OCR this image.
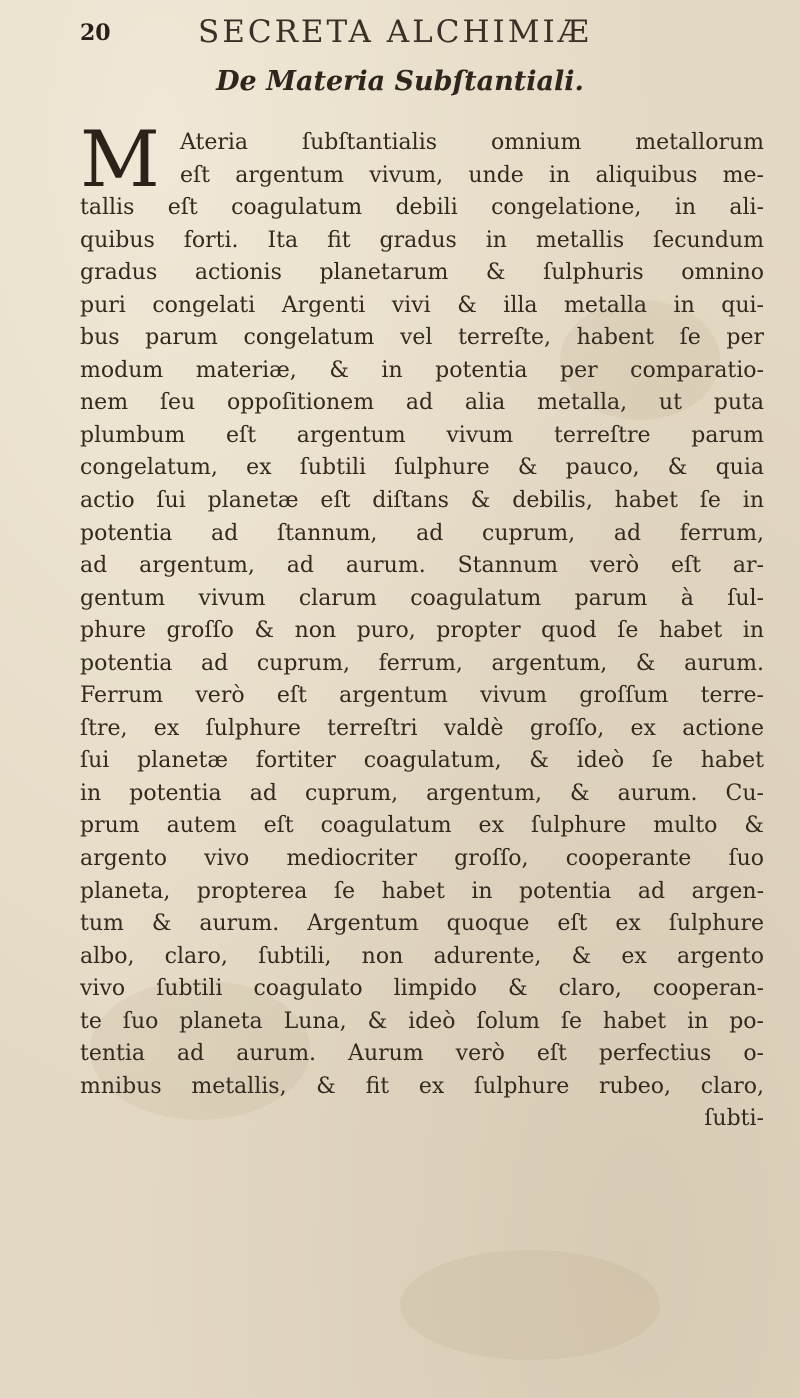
20	SECRETA ALCHIMIÆ
De Materia Subſtantiali.
M Ateria ſubſtantialis omnium metallorum
eſt argentum vivum, unde in aliquibus me-
tallis eſt coagulatum debili congelatione, in ali-
quibus forti. Ita fit gradus in metallis ſecundum
gradus actionis planetarum & ſulphuris omnino
puri congelati Argenti vivi & illa metalla in qui-
bus parum congelatum vel terreſte, habent ſe per
modum materiæ, & in potentia per comparatio-
nem ſeu oppoſitionem ad alia metalla, ut puta
plumbum eſt argentum vivum terreſtre parum
congelatum, ex ſubtili ſulphure & pauco, & quia
actio ſui planetæ eſt diſtans & debilis, habet ſe in
potentia ad ſtannum, ad cuprum, ad ferrum,
ad argentum, ad aurum. Stannum verò eſt ar-
gentum vivum clarum coagulatum parum à ſul-
phure groſſo & non puro, propter quod ſe habet in
potentia ad cuprum, ferrum, argentum, & aurum.
Ferrum verò eſt argentum vivum groſſum terre-
ſtre, ex ſulphure terreſtri valdè groſſo, ex actione
ſui planetæ fortiter coagulatum, & ideò ſe habet
in potentia ad cuprum, argentum, & aurum. Cu-
prum autem eſt coagulatum ex ſulphure multo &
argento vivo mediocriter groſſo, cooperante ſuo
planeta, propterea ſe habet in potentia ad argen-
tum & aurum. Argentum quoque eſt ex ſulphure
albo, claro, ſubtili, non adurente, & ex argento
vivo ſubtili coagulato limpido & claro, cooperan-
te ſuo planeta Luna, & ideò ſolum ſe habet in po-
tentia ad aurum. Aurum verò eſt perfectius o-
mnibus metallis, & fit ex ſulphure rubeo, claro,
ſubti-
